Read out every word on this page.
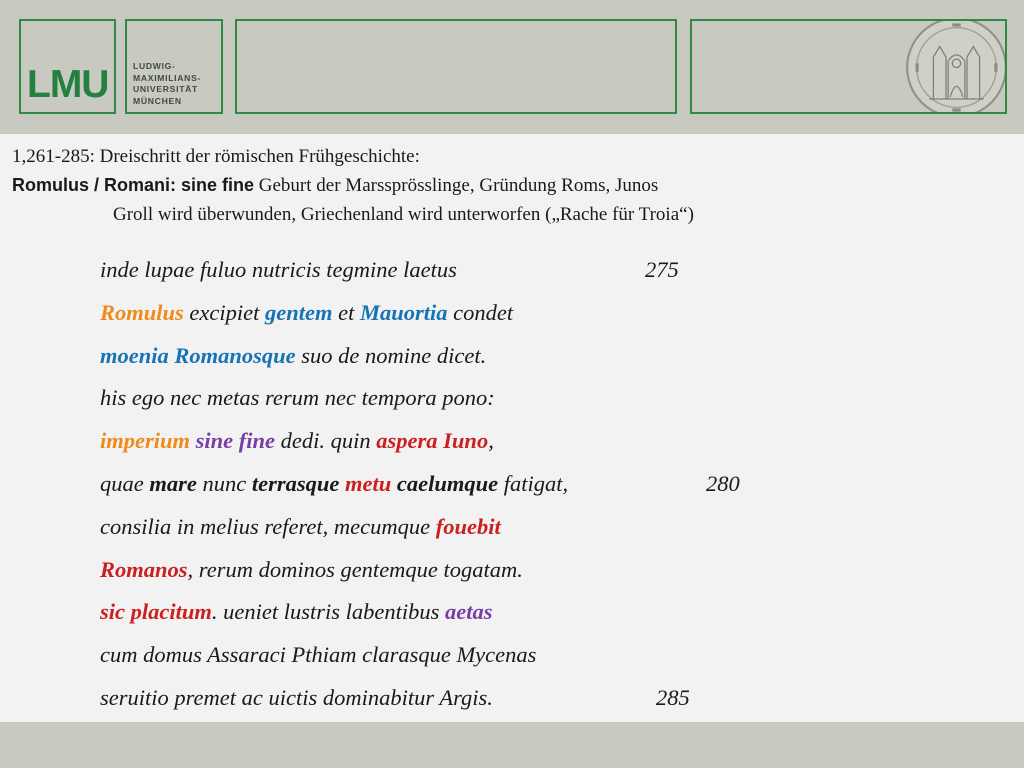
LMU	LUDWIG-
MAXIMILIANS-
UNIVERSITÄT
MÜNCHEN
1,261-285: Dreischritt der römischen Frühgeschichte:
Romulus / Romani: sine fine Geburt der Marssprösslinge, Gründung Roms, Junos
Groll wird überwunden, Griechenland wird unterworfen („Rache für Troia“)
inde lupae fuluo nutricis tegmine laetus	275
Romulus excipiet gentem et Mauortia condet
moenia Romanosque suo de nomine dicet.
his ego nec metas rerum nec tempora pono:
imperium sine fine dedi. quin aspera Iuno,
quae mare nunc terrasque metu caelumque fatigat,	280
consilia in melius referet, mecumque fouebit
Romanos, rerum dominos gentemque togatam.
sic placitum. ueniet lustris labentibus aetas
cum domus Assaraci Pthiam clarasque Mycenas
seruitio premet ac uictis dominabitur Argis.	285
